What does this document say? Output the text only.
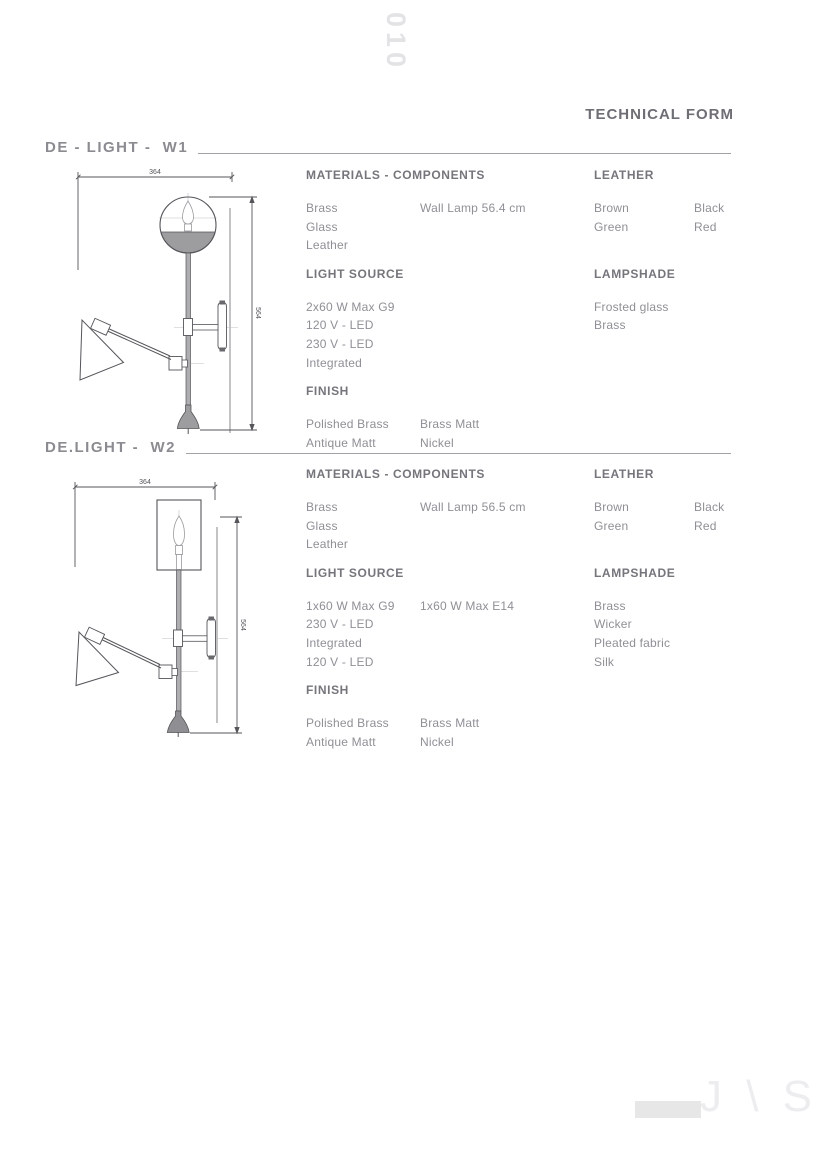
010
TECHNICAL FORM
DE - LIGHT -  W1
364
564
MATERIALS - COMPONENTS
Brass	Wall Lamp 56.4 cm
Glass
Leather
LIGHT SOURCE
2x60 W Max G9
120 V - LED
230 V - LED Integrated
FINISH
Polished Brass	Brass Matt
Antique Matt	Nickel
LEATHER
Brown	Black
Green	Red
LAMPSHADE
Frosted glass
Brass
DE.LIGHT -  W2
364
564
MATERIALS - COMPONENTS
Brass	Wall Lamp 56.5 cm
Glass
Leather
LIGHT SOURCE
1x60 W Max G9	1x60 W Max E14
230 V - LED Integrated
120 V - LED
FINISH
Polished Brass	Brass Matt
Antique Matt	Nickel
LEATHER
Brown	Black
Green	Red
LAMPSHADE
Brass
Wicker
Pleated fabric
Silk
J \ S
